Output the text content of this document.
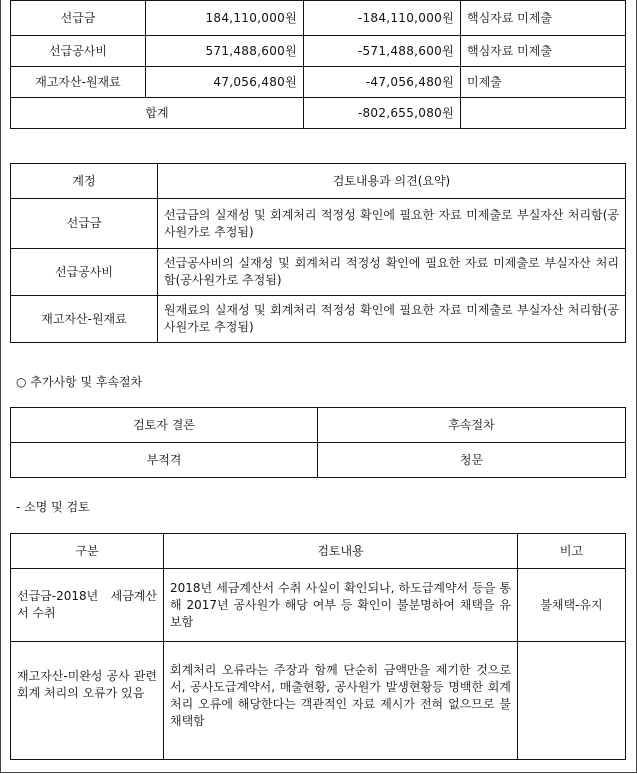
선급금	184,110,000원	-184,110,000원	핵심자료 미제출
선급공사비	571,488,600원	-571,488,600원	핵심자료 미제출
재고자산-원재료	47,056,480원	-47,056,480원	미제출
합계		-802,655,080원	
계정	검토내용과 의견(요약)
선급금	선급금의 실재성 및 회계처리 적정성 확인에 필요한 자료 미제출로 부실자산 처리함(공사원가로 추정됨)
선급공사비	선급공사비의 실재성 및 회계처리 적정성 확인에 필요한 자료 미제출로 부실자산 처리함(공사원가로 추정됨)
재고자산-원재료	원재료의 실재성 및 회계처리 적정성 확인에 필요한 자료 미제출로 부실자산 처리함(공사원가로 추정됨)
○ 추가사항 및 후속절차
검토자 결론	후속절차
부적격	청문
- 소명 및 검토
구분	검토내용	비고
선급금-2018년 세금계산서 수취	2018년 세금계산서 수취 사실이 확인되나, 하도급계약서 등을 통해 2017년 공사원가 해당 여부 등 확인이 불분명하여 채택을 유보함	불채택-유지
재고자산-미완성 공사 관련 회계 처리의 오류가 있음	회계처리 오류라는 주장과 함께 단순히 금액만을 제기한 것으로서, 공사도급계약서, 매출현황, 공사원가 발생현황등 명백한 회계처리 오류에 해당한다는 객관적인 자료 제시가 전혀 없으므로 불채택함	
